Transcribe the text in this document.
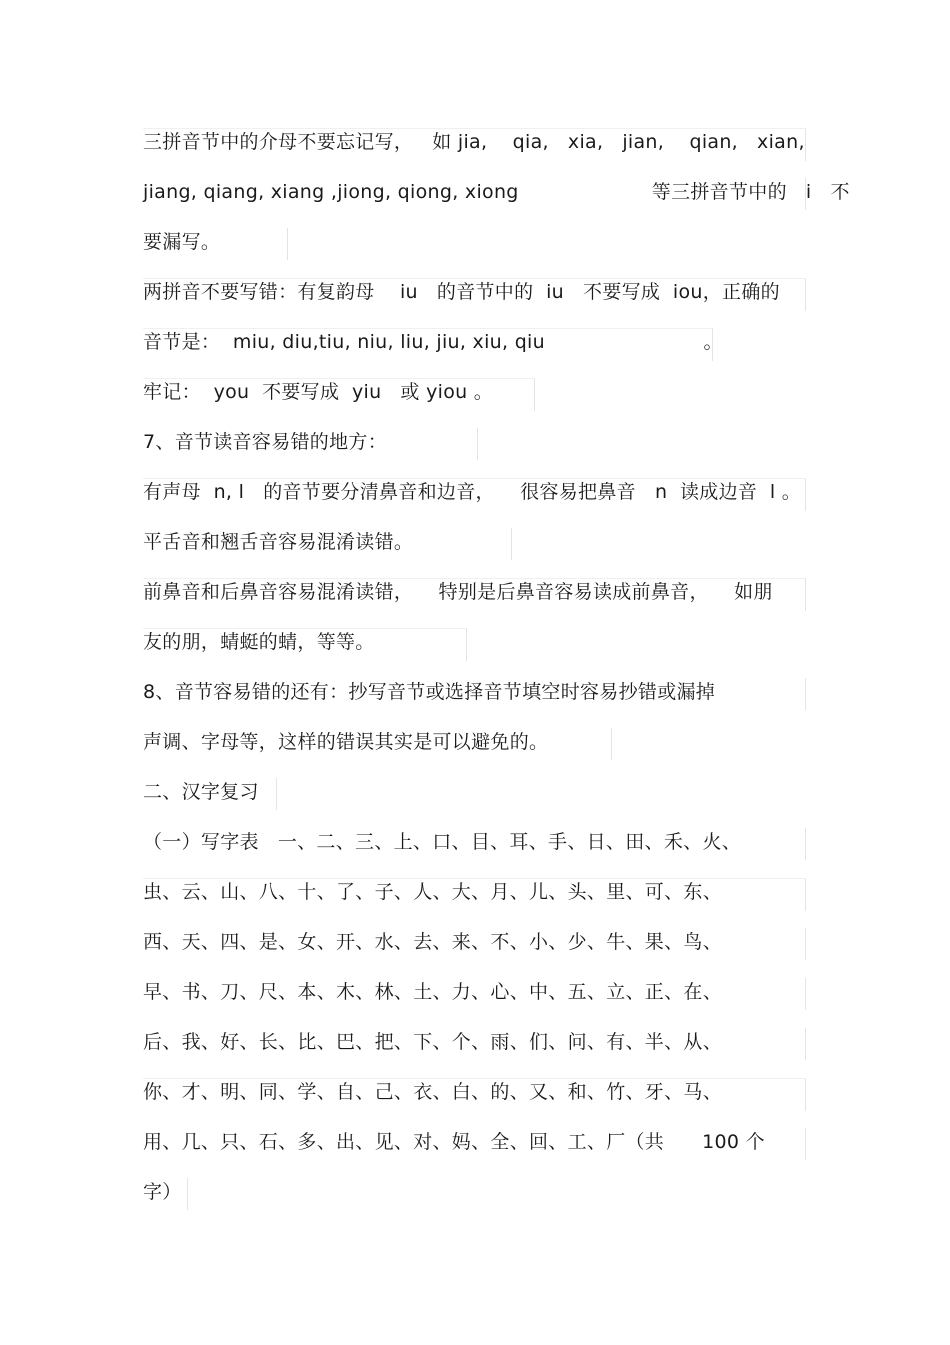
三拼音节中的介母不要忘记写，   如 jia,    qia,   xia,   jian,    qian,   xian,
jiang, qiang, xiang ,jiong, qiong, xiong                     等三拼音节中的   i   不
要漏写。
两拼音不要写错：有复韵母    iu   的音节中的  iu   不要写成  iou，正确的
音节是：  miu, diu,tiu, niu, liu, jiu, xiu, qiu                         。
牢记：  you  不要写成  yiu   或 yiou 。
7、音节读音容易错的地方：
有声母  n, l   的音节要分清鼻音和边音，    很容易把鼻音   n  读成边音  l 。
平舌音和翘舌音容易混淆读错。
前鼻音和后鼻音容易混淆读错，    特别是后鼻音容易读成前鼻音，    如朋
友的朋，蜻蜓的蜻，等等。
8、音节容易错的还有：抄写音节或选择音节填空时容易抄错或漏掉
声调、字母等，这样的错误其实是可以避免的。
二、汉字复习
（一）写字表   一、二、三、上、口、目、耳、手、日、田、禾、火、
虫、云、山、八、十、了、子、人、大、月、儿、头、里、可、东、
西、天、四、是、女、开、水、去、来、不、小、少、牛、果、鸟、
早、书、刀、尺、本、木、林、土、力、心、中、五、立、正、在、
后、我、好、长、比、巴、把、下、个、雨、们、问、有、半、从、
你、才、明、同、学、自、己、衣、白、的、又、和、竹、牙、马、
用、几、只、石、多、出、见、对、妈、全、回、工、厂（共      100 个
字）
